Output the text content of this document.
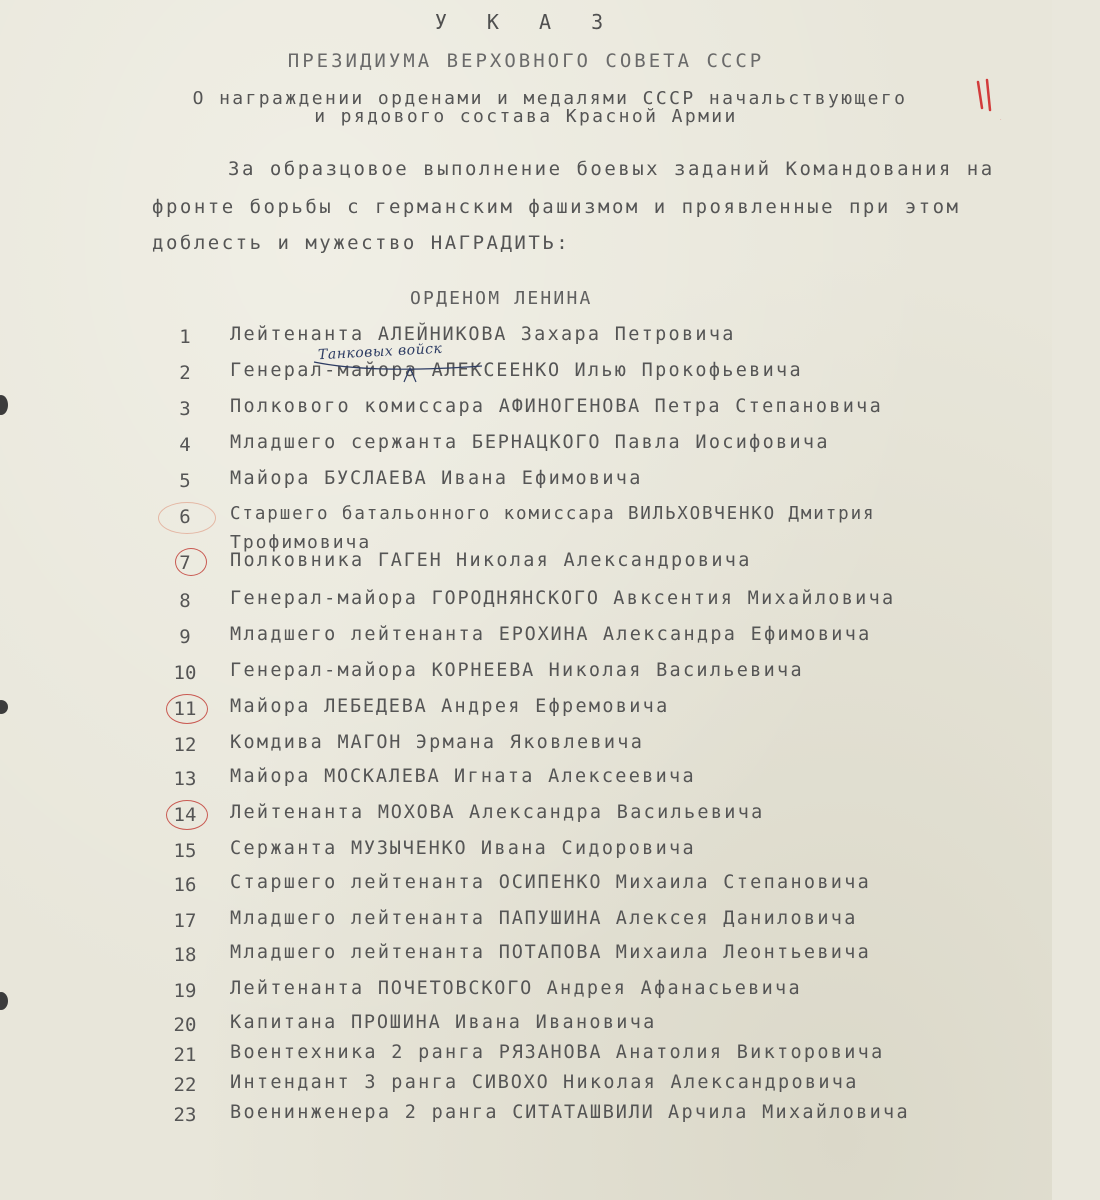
У К А З
ПРЕЗИДИУМА ВЕРХОВНОГО СОВЕТА СССР
О награждении орденами и медалями СССР начальствующего
и рядового состава Красной Армии	11
За образцовое выполнение боевых заданий Командования на
фронте борьбы с германским фашизмом и проявленные при этом
доблесть и мужество НАГРАДИТЬ:
ОРДЕНОМ ЛЕНИНА
1	Лейтенанта АЛЕЙНИКОВА Захара Петровича
2	Генерал-майора АЛЕКСЕЕНКО Илью Прокофьевича
3	Полкового комиссара АФИНОГЕНОВА Петра Степановича
4	Младшего сержанта БЕРНАЦКОГО Павла Иосифовича
5	Майора БУСЛАЕВА Ивана Ефимовича
6	Старшего батальонного комиссара ВИЛЬХОВЧЕНКО Дмитрия
Трофимовича
7	Полковника ГАГЕН Николая Александровича
8	Генерал-майора ГОРОДНЯНСКОГО Авксентия Михайловича
9	Младшего лейтенанта ЕРОХИНА Александра Ефимовича
10	Генерал-майора КОРНЕЕВА Николая Васильевича
11	Майора ЛЕБЕДЕВА Андрея Ефремовича
12	Комдива МАГОН Эрмана Яковлевича
13	Майора МОСКАЛЕВА Игната Алексеевича
14	Лейтенанта МОХОВА Александра Васильевича
15	Сержанта МУЗЫЧЕНКО Ивана Сидоровича
16	Старшего лейтенанта ОСИПЕНКО Михаила Степановича
17	Младшего лейтенанта ПАПУШИНА Алексея Даниловича
18	Младшего лейтенанта ПОТАПОВА Михаила Леонтьевича
19	Лейтенанта ПОЧЕТОВСКОГО Андрея Афанасьевича
20	Капитана ПРОШИНА Ивана Ивановича
21	Воентехника 2 ранга РЯЗАНОВА Анатолия Викторовича
22	Интендант 3 ранга СИВОХО Николая Александровича
23	Военинженера 2 ранга СИТАТАШВИЛИ Арчила Михайловича
Танковых войск
